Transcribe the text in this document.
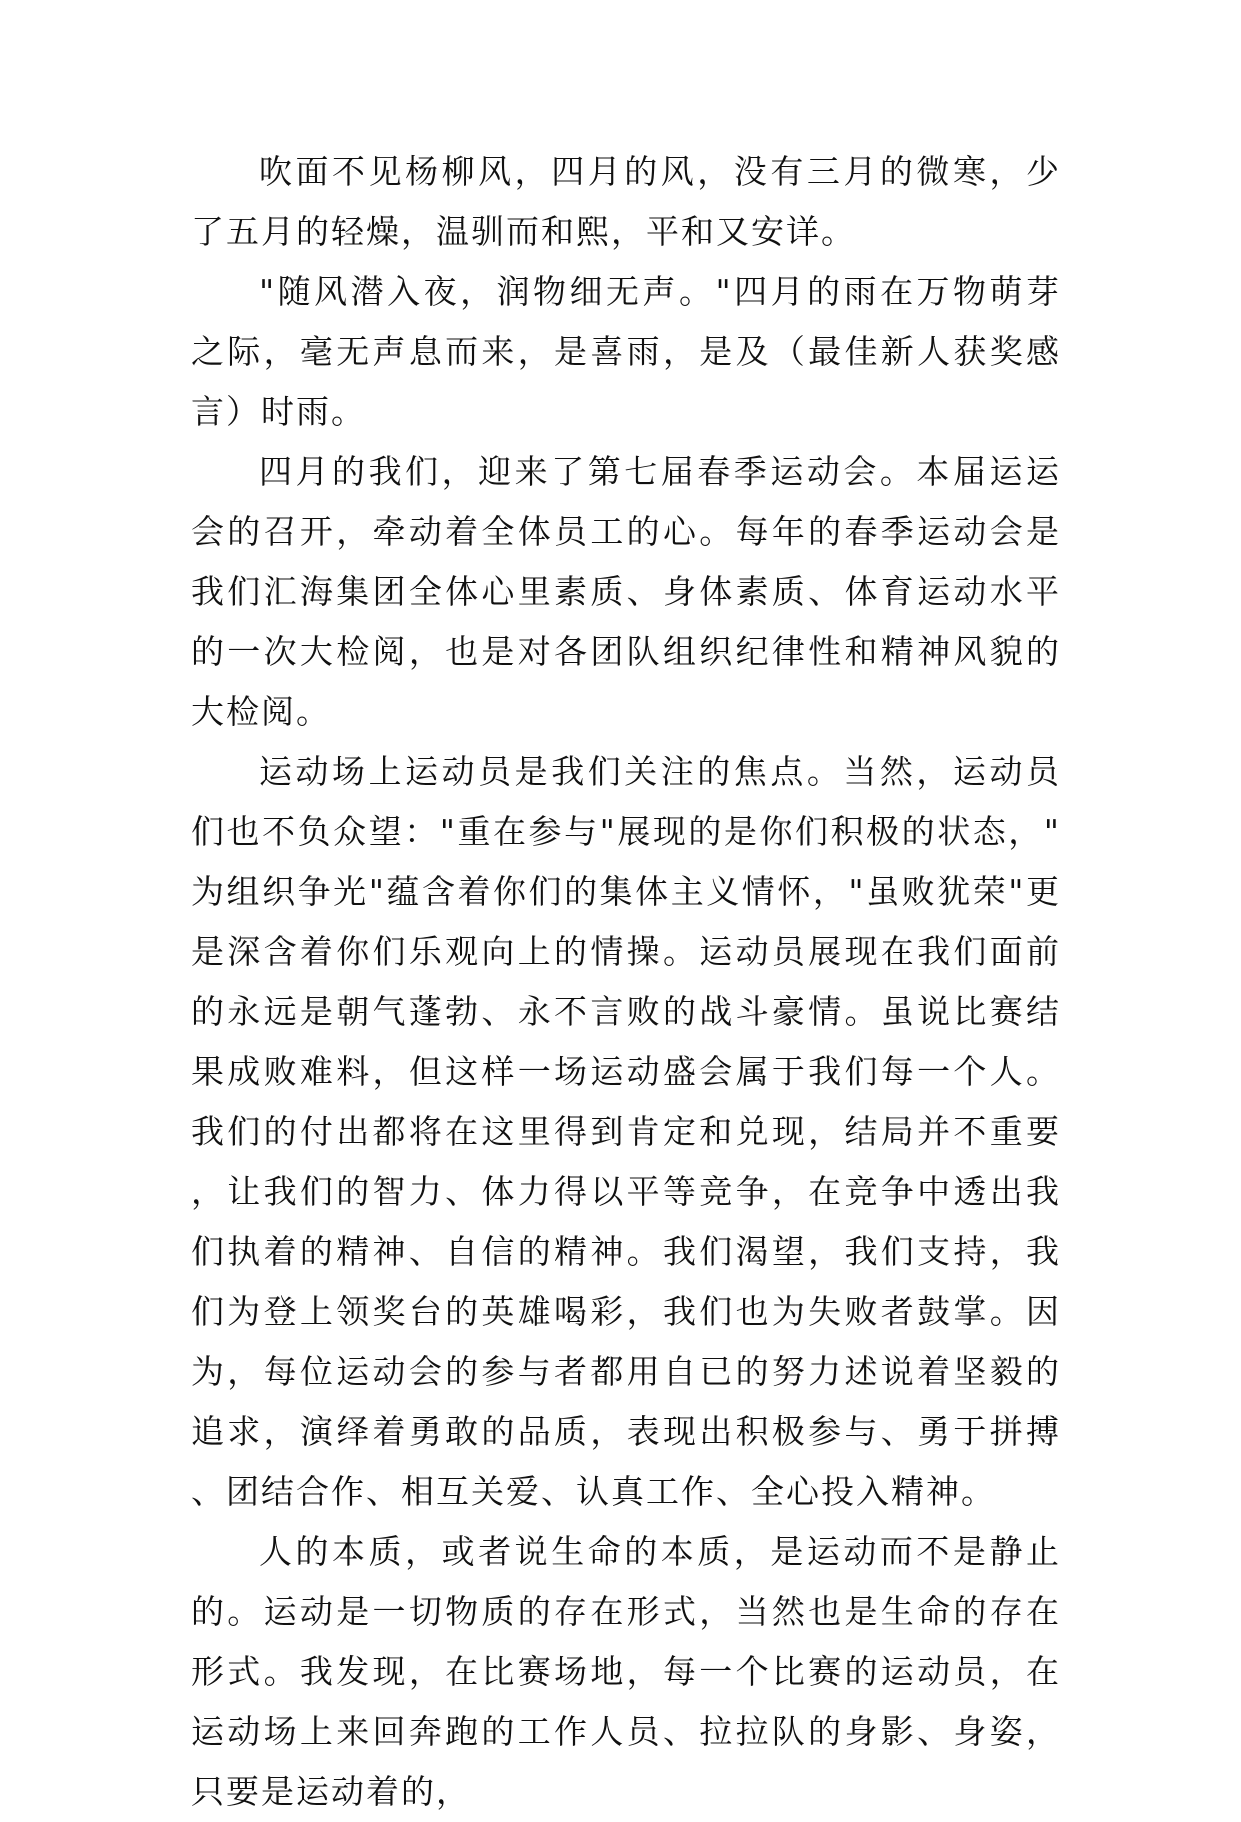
吹面不见杨柳风，四月的风，没有三月的微寒，少了五月的轻燥，温驯而和熙，平和又安详。

"随风潜入夜，润物细无声。"四月的雨在万物萌芽之际，毫无声息而来，是喜雨，是及（最佳新人获奖感言）时雨。

四月的我们，迎来了第七届春季运动会。本届运运会的召开，牵动着全体员工的心。每年的春季运动会是我们汇海集团全体心里素质、身体素质、体育运动水平的一次大检阅，也是对各团队组织纪律性和精神风貌的大检阅。

运动场上运动员是我们关注的焦点。当然，运动员们也不负众望："重在参与"展现的是你们积极的状态，"为组织争光"蕴含着你们的集体主义情怀，"虽败犹荣"更是深含着你们乐观向上的情操。运动员展现在我们面前的永远是朝气蓬勃、永不言败的战斗豪情。虽说比赛结果成败难料，但这样一场运动盛会属于我们每一个人。我们的付出都将在这里得到肯定和兑现，结局并不重要，让我们的智力、体力得以平等竞争，在竞争中透出我们执着的精神、自信的精神。我们渴望，我们支持，我们为登上领奖台的英雄喝彩，我们也为失败者鼓掌。因为，每位运动会的参与者都用自已的努力述说着坚毅的追求，演绎着勇敢的品质，表现出积极参与、勇于拼搏、团结合作、相互关爱、认真工作、全心投入精神。

人的本质，或者说生命的本质，是运动而不是静止的。运动是一切物质的存在形式，当然也是生命的存在形式。我发现，在比赛场地，每一个比赛的运动员，在运动场上来回奔跑的工作人员、拉拉队的身影、身姿，只要是运动着的，
